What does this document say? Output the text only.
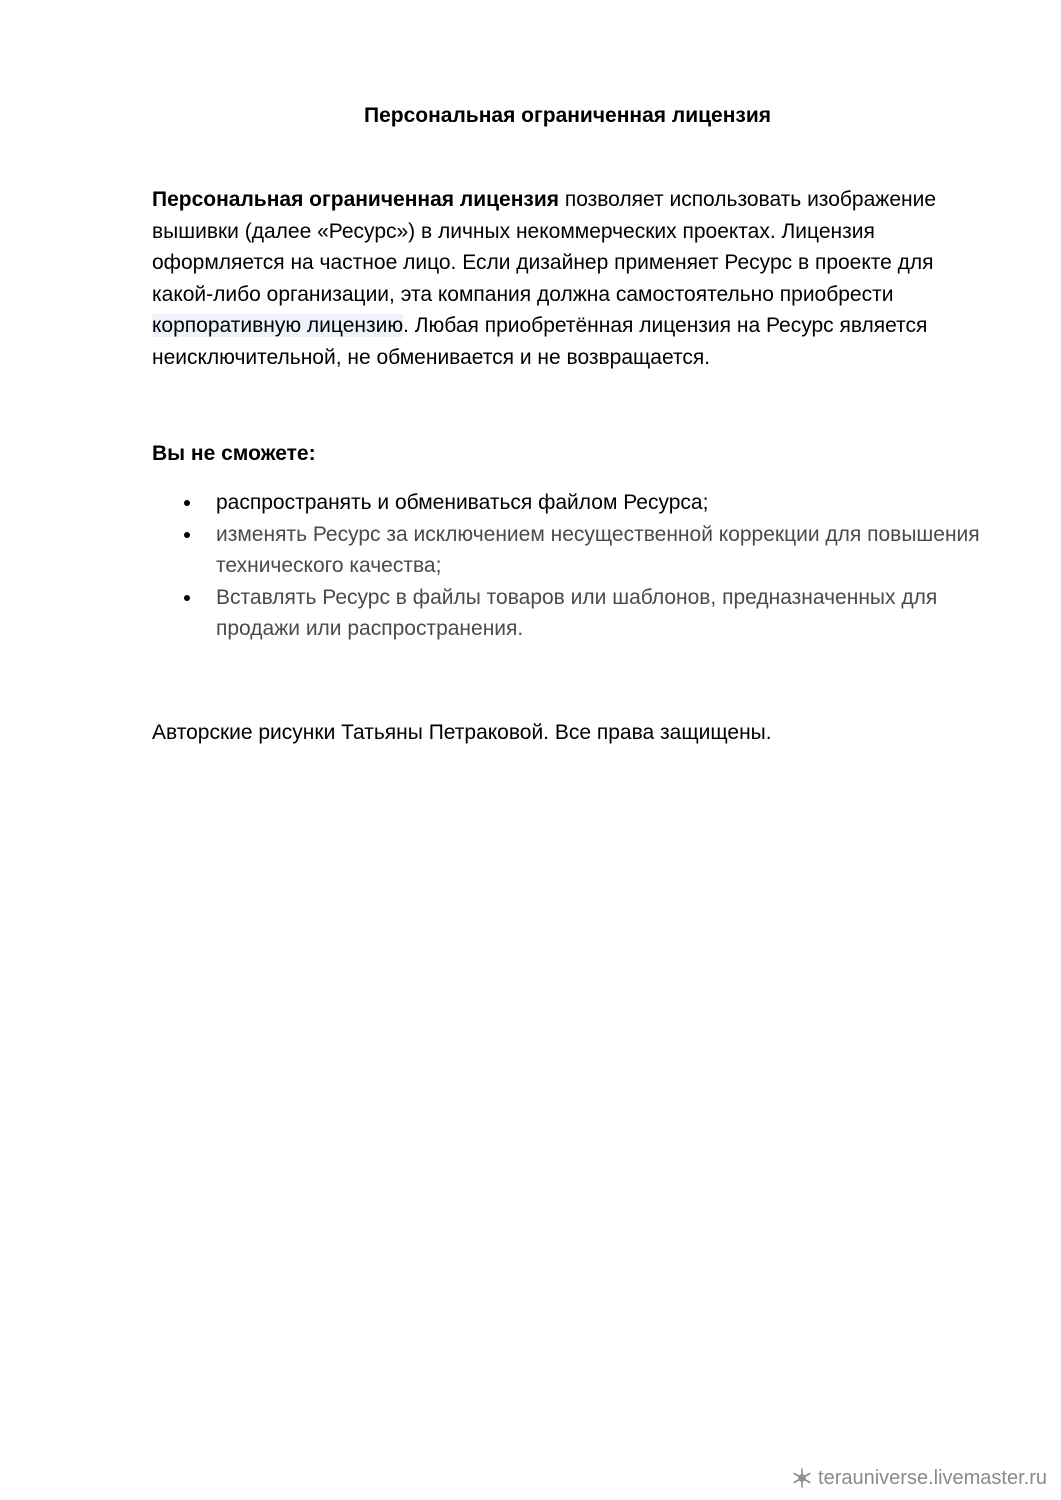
Персональная ограниченная лицензия

Персональная ограниченная лицензия позволяет использовать изображение вышивки (далее «Ресурс») в личных некоммерческих проектах. Лицензия оформляется на частное лицо. Если дизайнер применяет Ресурс в проекте для какой-либо организации, эта компания должна самостоятельно приобрести корпоративную лицензию. Любая приобретённая лицензия на Ресурс является неисключительной, не обменивается и не возвращается.

Вы не сможете:
распространять и обмениваться файлом Ресурса;
изменять Ресурс за исключением несущественной коррекции для повышения технического качества;
Вставлять Ресурс в файлы товаров или шаблонов, предназначенных для продажи или распространения.

Авторские рисунки Татьяны Петраковой. Все права защищены.

terauniverse.livemaster.ru
